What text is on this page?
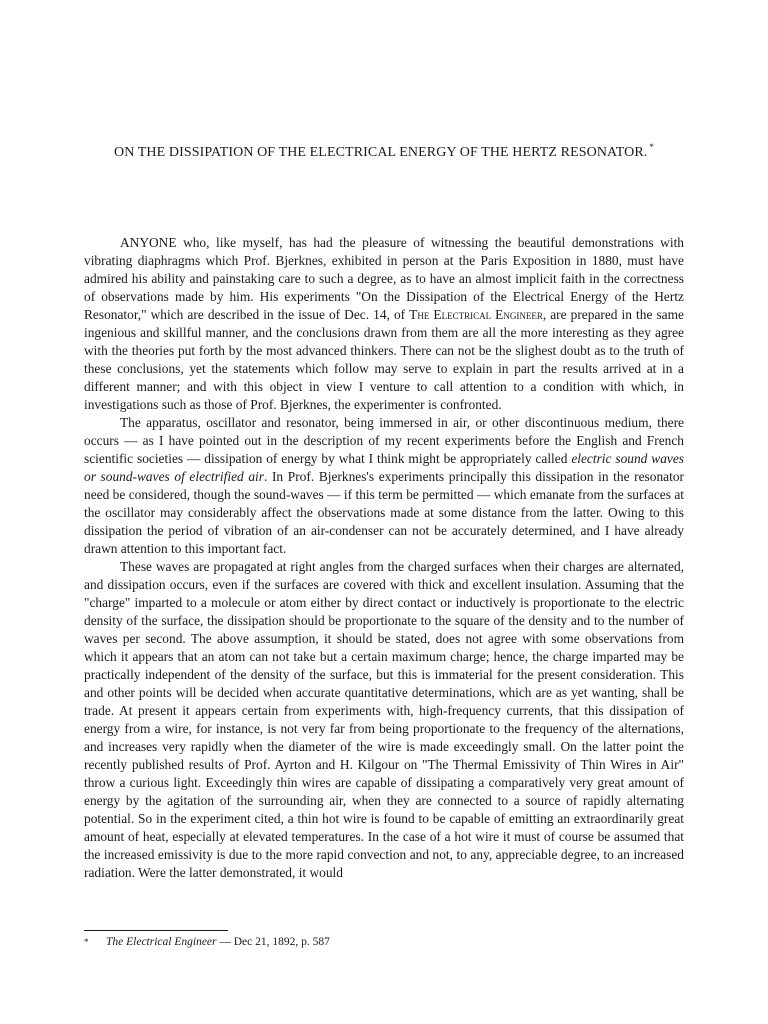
ON THE DISSIPATION OF THE ELECTRICAL ENERGY OF THE HERTZ RESONATOR. *

ANYONE who, like myself, has had the pleasure of witnessing the beautiful demonstrations with vibrating diaphragms which Prof. Bjerknes, exhibited in person at the Paris Exposition in 1880, must have admired his ability and painstaking care to such a degree, as to have an almost implicit faith in the correctness of observations made by him. His experiments "On the Dissipation of the Electrical Energy of the Hertz Resonator," which are described in the issue of Dec. 14, of The Electrical Engineer, are prepared in the same ingenious and skillful manner, and the conclusions drawn from them are all the more interesting as they agree with the theories put forth by the most advanced thinkers. There can not be the slighest doubt as to the truth of these conclusions, yet the statements which follow may serve to explain in part the results arrived at in a different manner; and with this object in view I venture to call attention to a condition with which, in investigations such as those of Prof. Bjerknes, the experimenter is confronted.

The apparatus, oscillator and resonator, being immersed in air, or other discontinuous medium, there occurs — as I have pointed out in the description of my recent experiments before the English and French scientific societies — dissipation of energy by what I think might be appropriately called electric sound waves or sound-waves of electrified air. In Prof. Bjerknes's experiments principally this dissipation in the resonator need be considered, though the sound-waves — if this term be permitted — which emanate from the surfaces at the oscillator may considerably affect the observations made at some distance from the latter. Owing to this dissipation the period of vibration of an air-condenser can not be accurately determined, and I have already drawn attention to this important fact.

These waves are propagated at right angles from the charged surfaces when their charges are alternated, and dissipation occurs, even if the surfaces are covered with thick and excellent insulation. Assuming that the "charge" imparted to a molecule or atom either by direct contact or inductively is proportionate to the electric density of the surface, the dissipation should be proportionate to the square of the density and to the number of waves per second. The above assumption, it should be stated, does not agree with some observations from which it appears that an atom can not take but a certain maximum charge; hence, the charge imparted may be practically independent of the density of the surface, but this is immaterial for the present consideration. This and other points will be decided when accurate quantitative determinations, which are as yet wanting, shall be trade. At present it appears certain from experiments with, high-frequency currents, that this dissipation of energy from a wire, for instance, is not very far from being proportionate to the frequency of the alternations, and increases very rapidly when the diameter of the wire is made exceedingly small. On the latter point the recently published results of Prof. Ayrton and H. Kilgour on "The Thermal Emissivity of Thin Wires in Air" throw a curious light. Exceedingly thin wires are capable of dissipating a comparatively very great amount of energy by the agitation of the surrounding air, when they are connected to a source of rapidly alternating potential. So in the experiment cited, a thin hot wire is found to be capable of emitting an extraordinarily great amount of heat, especially at elevated temperatures. In the case of a hot wire it must of course be assumed that the increased emissivity is due to the more rapid convection and not, to any, appreciable degree, to an increased radiation. Were the latter demonstrated, it would

* The Electrical Engineer — Dec 21, 1892, p. 587
